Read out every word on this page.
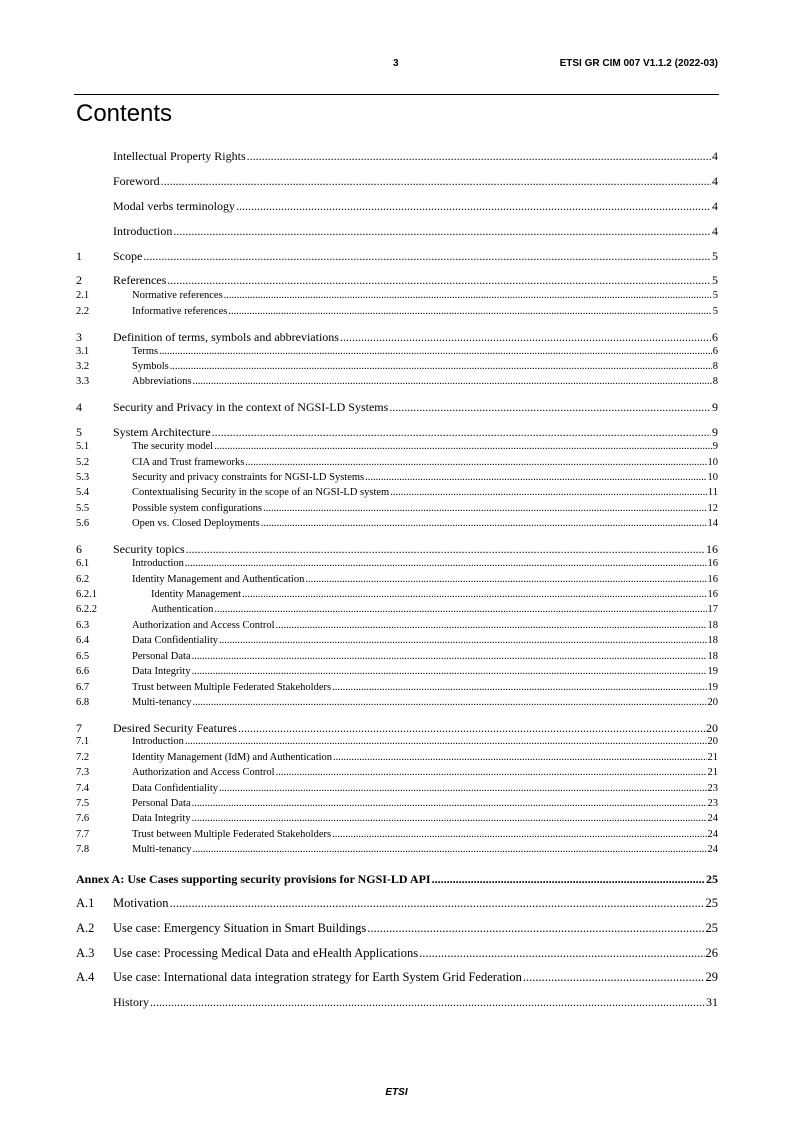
3	ETSI GR CIM 007 V1.1.2 (2022-03)
Contents
Intellectual Property Rights .....	4
Foreword .....	4
Modal verbs terminology .....	4
Introduction .....	4
1	Scope .....	5
2	References .....	5
2.1	Normative references .....	5
2.2	Informative references .....	5
3	Definition of terms, symbols and abbreviations .....	6
3.1	Terms .....	6
3.2	Symbols .....	8
3.3	Abbreviations .....	8
4	Security and Privacy in the context of NGSI-LD Systems .....	9
5	System Architecture .....	9
5.1	The security model .....	9
5.2	CIA and Trust frameworks .....	10
5.3	Security and privacy constraints for NGSI-LD Systems .....	10
5.4	Contextualising Security in the scope of an NGSI-LD system .....	11
5.5	Possible system configurations .....	12
5.6	Open vs. Closed Deployments .....	14
6	Security topics .....	16
6.1	Introduction .....	16
6.2	Identity Management and Authentication .....	16
6.2.1	Identity Management .....	16
6.2.2	Authentication .....	17
6.3	Authorization and Access Control .....	18
6.4	Data Confidentiality .....	18
6.5	Personal Data .....	18
6.6	Data Integrity .....	19
6.7	Trust between Multiple Federated Stakeholders .....	19
6.8	Multi-tenancy .....	20
7	Desired Security Features .....	20
7.1	Introduction .....	20
7.2	Identity Management (IdM) and Authentication .....	21
7.3	Authorization and Access Control .....	21
7.4	Data Confidentiality .....	23
7.5	Personal Data .....	23
7.6	Data Integrity .....	24
7.7	Trust between Multiple Federated Stakeholders .....	24
7.8	Multi-tenancy .....	24
Annex A: Use Cases supporting security provisions for NGSI-LD API .....	25
A.1	Motivation .....	25
A.2	Use case: Emergency Situation in Smart Buildings .....	25
A.3	Use case: Processing Medical Data and eHealth Applications .....	26
A.4	Use case: International data integration strategy for Earth System Grid Federation .....	29
History .....	31
ETSI
